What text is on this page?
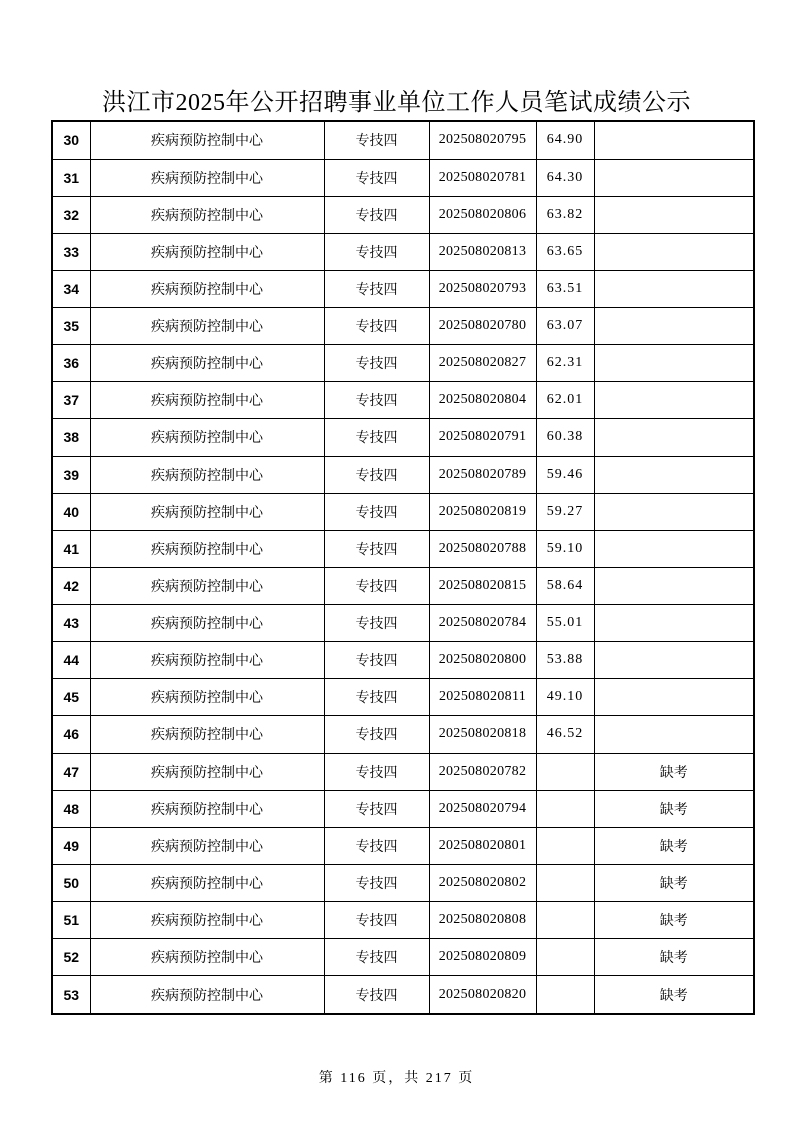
洪江市2025年公开招聘事业单位工作人员笔试成绩公示
30	疾病预防控制中心	专技四	202508020795	64.90	
31	疾病预防控制中心	专技四	202508020781	64.30	
32	疾病预防控制中心	专技四	202508020806	63.82	
33	疾病预防控制中心	专技四	202508020813	63.65	
34	疾病预防控制中心	专技四	202508020793	63.51	
35	疾病预防控制中心	专技四	202508020780	63.07	
36	疾病预防控制中心	专技四	202508020827	62.31	
37	疾病预防控制中心	专技四	202508020804	62.01	
38	疾病预防控制中心	专技四	202508020791	60.38	
39	疾病预防控制中心	专技四	202508020789	59.46	
40	疾病预防控制中心	专技四	202508020819	59.27	
41	疾病预防控制中心	专技四	202508020788	59.10	
42	疾病预防控制中心	专技四	202508020815	58.64	
43	疾病预防控制中心	专技四	202508020784	55.01	
44	疾病预防控制中心	专技四	202508020800	53.88	
45	疾病预防控制中心	专技四	202508020811	49.10	
46	疾病预防控制中心	专技四	202508020818	46.52	
47	疾病预防控制中心	专技四	202508020782		缺考
48	疾病预防控制中心	专技四	202508020794		缺考
49	疾病预防控制中心	专技四	202508020801		缺考
50	疾病预防控制中心	专技四	202508020802		缺考
51	疾病预防控制中心	专技四	202508020808		缺考
52	疾病预防控制中心	专技四	202508020809		缺考
53	疾病预防控制中心	专技四	202508020820		缺考
第 116 页，共 217 页
